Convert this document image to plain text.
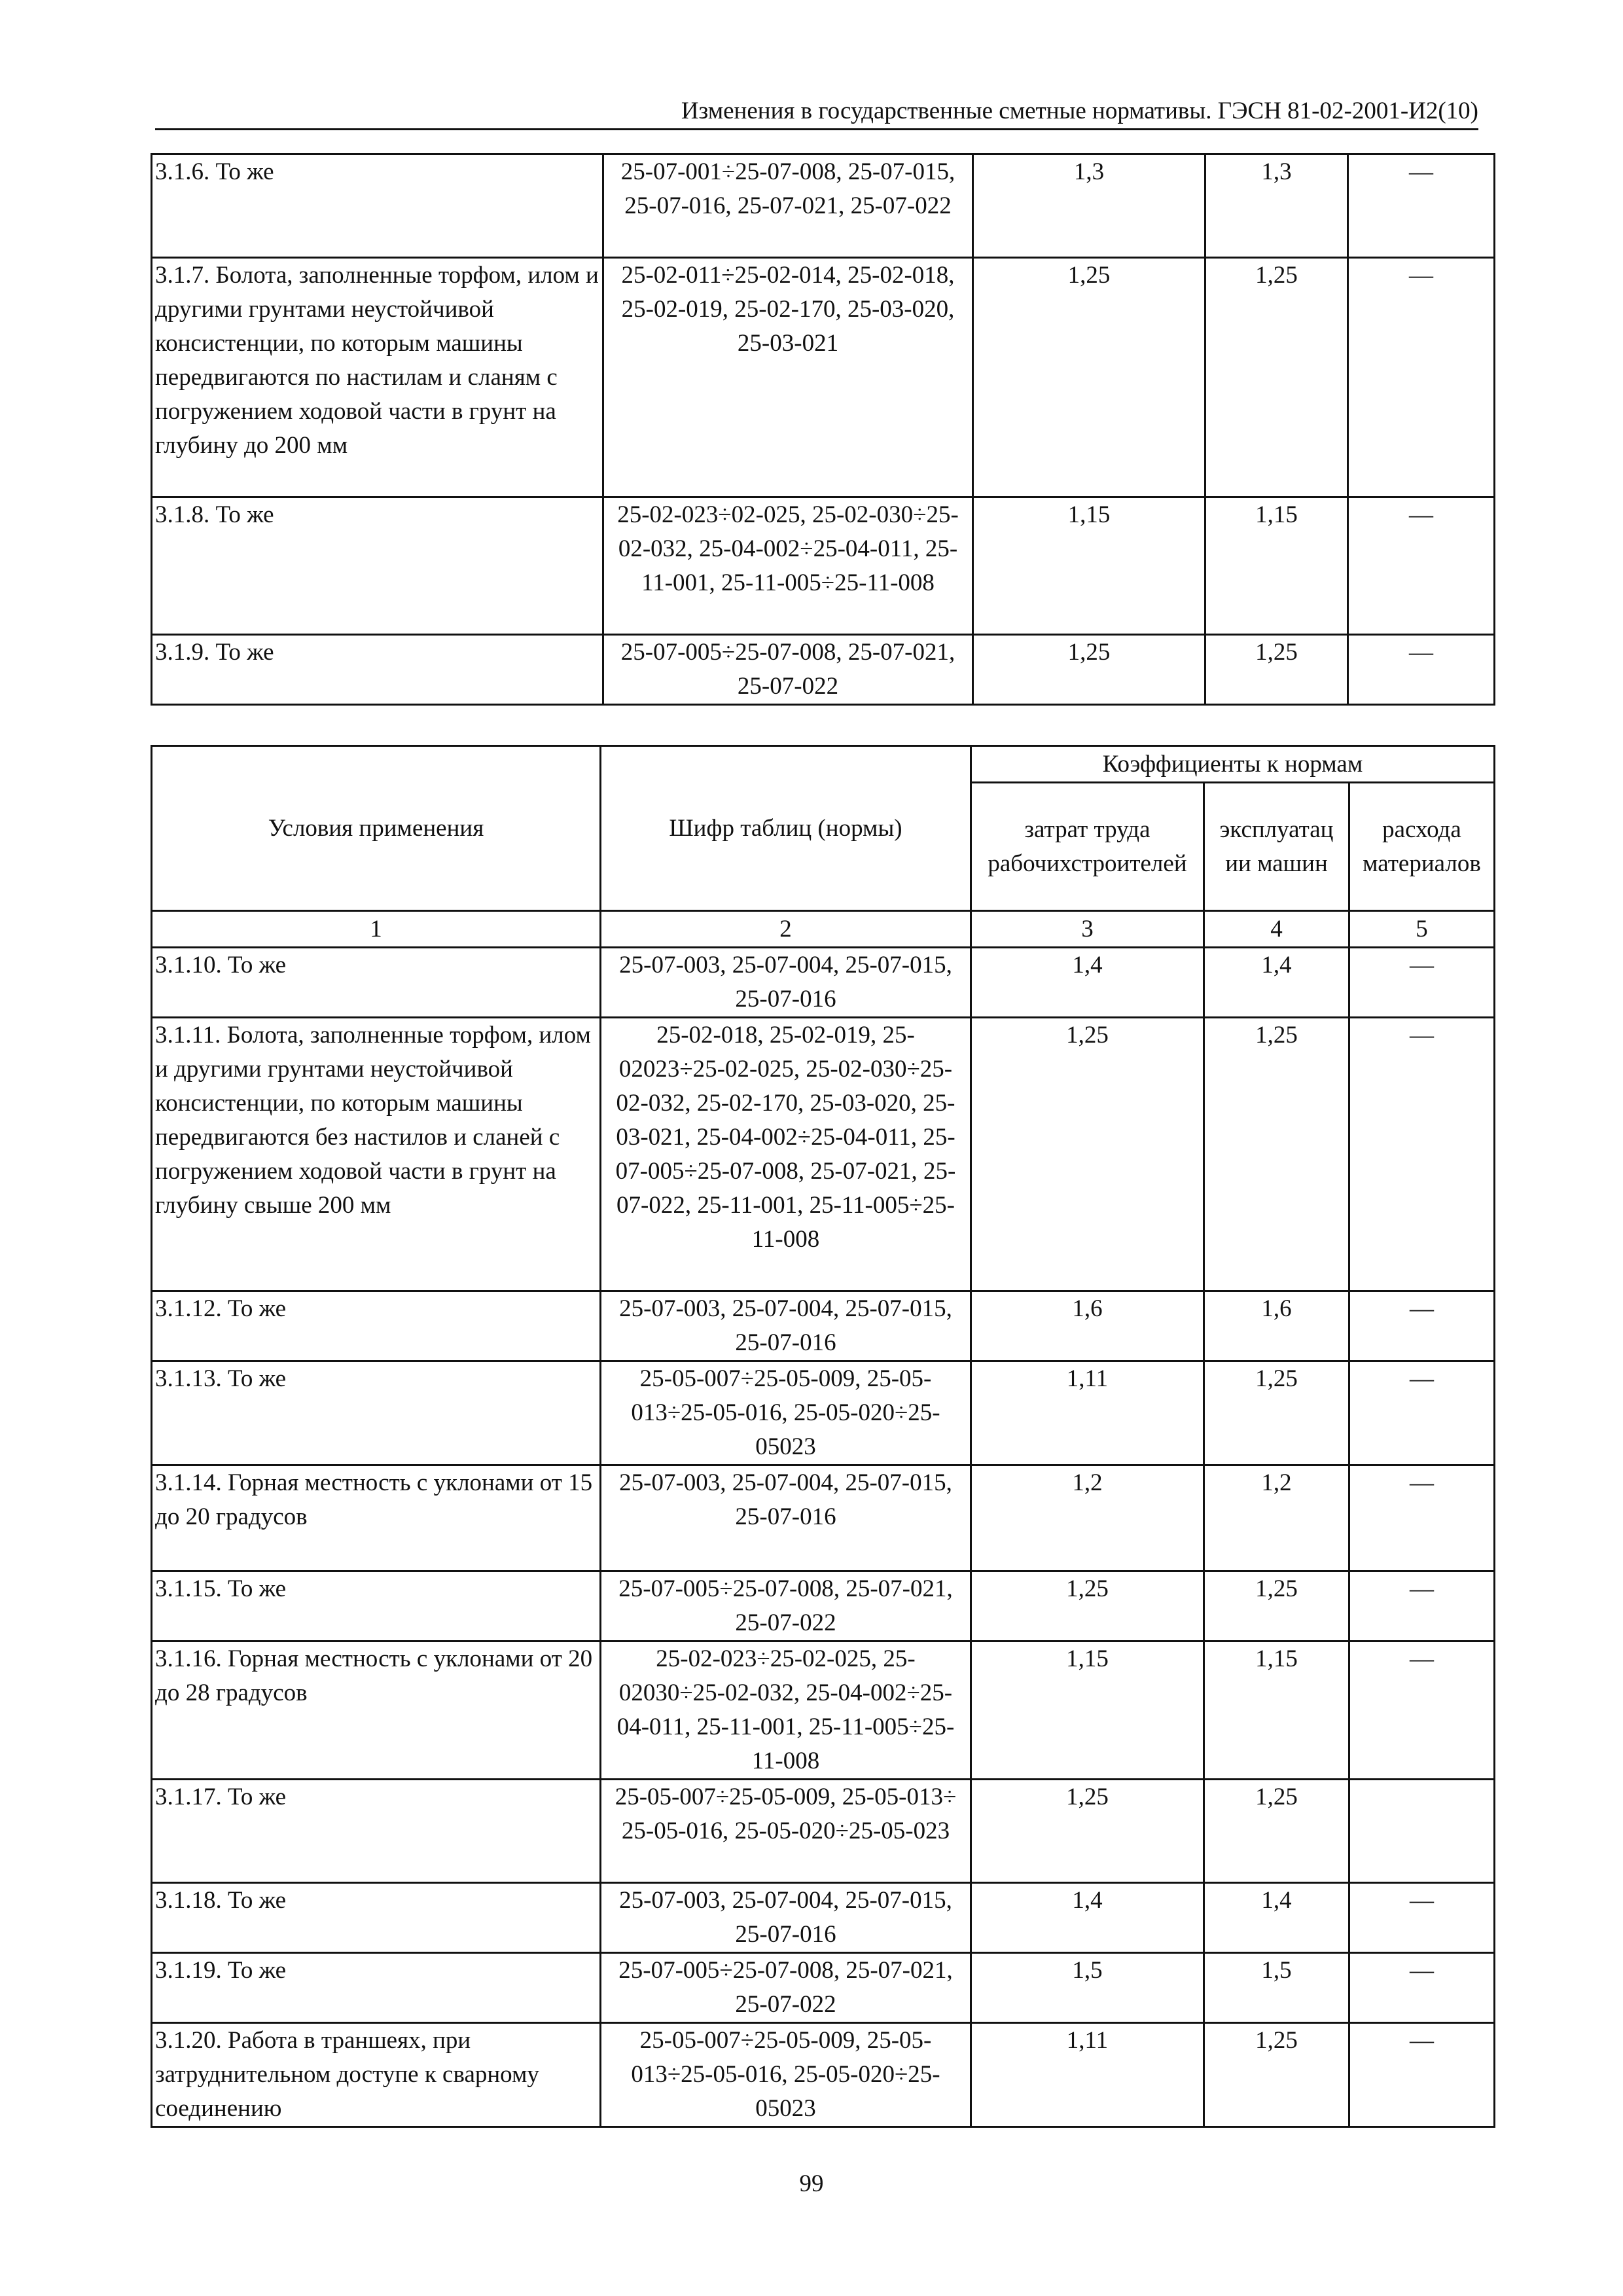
Изменения в государственные сметные нормативы. ГЭСН 81-02-2001-И2(10)
3.1.6. То же	25-07-001÷25-07-008, 25-07-015, 25-07-016, 25-07-021, 25-07-022	1,3	1,3	—
3.1.7. Болота, заполненные торфом, илом и другими грунтами неустойчивой консистенции, по которым машины передвигаются по настилам и сланям с погружением ходовой части в грунт на глубину до 200 мм	25-02-011÷25-02-014, 25-02-018, 25-02-019, 25-02-170, 25-03-020, 25-03-021	1,25	1,25	—
3.1.8. То же	25-02-023÷02-025, 25-02-030÷25-02-032, 25-04-002÷25-04-011, 25-11-001, 25-11-005÷25-11-008	1,15	1,15	—
3.1.9. То же	25-07-005÷25-07-008, 25-07-021, 25-07-022	1,25	1,25	—
Условия применения	Шифр таблиц (нормы)	Коэффициенты к нормам		
		затрат труда рабочихстроителей	эксплуатац ии машин	расхода материалов
1	2	3	4	5
3.1.10. То же	25-07-003, 25-07-004, 25-07-015, 25-07-016	1,4	1,4	—
3.1.11. Болота, заполненные торфом, илом и другими грунтами неустойчивой консистенции, по которым машины передвигаются без настилов и сланей с погружением ходовой части в грунт на глубину свыше 200 мм	25-02-018, 25-02-019, 25-02023÷25-02-025, 25-02-030÷25-02-032, 25-02-170, 25-03-020, 25-03-021, 25-04-002÷25-04-011, 25-07-005÷25-07-008, 25-07-021, 25-07-022, 25-11-001, 25-11-005÷25-11-008	1,25	1,25	—
3.1.12. То же	25-07-003, 25-07-004, 25-07-015, 25-07-016	1,6	1,6	—
3.1.13. То же	25-05-007÷25-05-009, 25-05-013÷25-05-016, 25-05-020÷25-05023	1,11	1,25	—
3.1.14. Горная местность с уклонами от 15 до 20 градусов	25-07-003, 25-07-004, 25-07-015, 25-07-016	1,2	1,2	—
3.1.15. То же	25-07-005÷25-07-008, 25-07-021, 25-07-022	1,25	1,25	—
3.1.16. Горная местность с уклонами от 20 до 28 градусов	25-02-023÷25-02-025, 25-02030÷25-02-032, 25-04-002÷25-04-011, 25-11-001, 25-11-005÷25-11-008	1,15	1,15	—
3.1.17. То же	25-05-007÷25-05-009, 25-05-013÷ 25-05-016, 25-05-020÷25-05-023	1,25	1,25	
3.1.18. То же	25-07-003, 25-07-004, 25-07-015, 25-07-016	1,4	1,4	—
3.1.19. То же	25-07-005÷25-07-008, 25-07-021, 25-07-022	1,5	1,5	—
3.1.20. Работа в траншеях, при затруднительном доступе к сварному соединению	25-05-007÷25-05-009, 25-05-013÷25-05-016, 25-05-020÷25-05023	1,11	1,25	—
99
